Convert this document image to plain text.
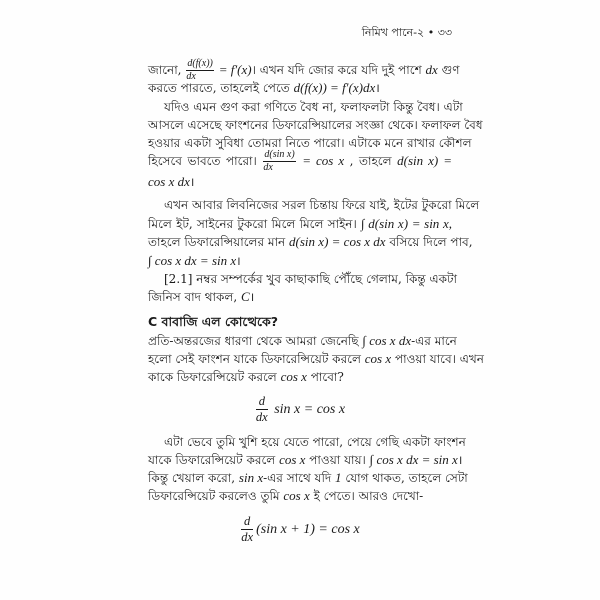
নিমিখ পানে-২ • ৩৩
জানো, $\frac{d(f(x))}{dx}$ = f′(x)। এখন যদি জোর করে যদি দুই পাশে dx গুণ
করতে পারতে, তাহলেই পেতে d(f(x)) = f′(x)dx।
যদিও এমন গুণ করা গণিতে বৈধ না, ফলাফলটা কিন্তু বৈধ। এটা
আসলে এসেছে ফাংশনের ডিফারেন্সিয়ালের সংজ্ঞা থেকে। ফলাফল বৈধ
হওয়ার একটা সুবিধা তোমরা নিতে পারো। এটাকে মনে রাখার কৌশল
হিসেবে ভাবতে পারো। $\frac{\text{d(sin x)}}{dx} = \cos x$ , তাহলে d(sin x) =
cos x dx।
এখন আবার লিবনিজের সরল চিন্তায় ফিরে যাই, ইটের টুকরো মিলে
মিলে ইট, সাইনের টুকরো মিলে মিলে সাইন। ∫ d(sin x) = sin x,
তাহলে ডিফারেন্সিয়ালের মান d(sin x) = cos x dx বসিয়ে দিলে পাব,
∫ cos x dx = sin x।
[2.1] নম্বর সম্পর্কের খুব কাছাকাছি পৌঁছে গেলাম, কিন্তু একটা
জিনিস বাদ থাকল, C।
C বাবাজি এল কোত্থেকে?
প্রতি-অন্তরজের ধারণা থেকে আমরা জেনেছি ∫ cos x dx-এর মানে
হলো সেই ফাংশন যাকে ডিফারেন্সিয়েট করলে cos x পাওয়া যাবে। এখন
কাকে ডিফারেন্সিয়েট করলে cos x পাবো?
$\frac{d}{dx}$ sin x = cos x
এটা ভেবে তুমি খুশি হয়ে যেতে পারো, পেয়ে গেছি একটা ফাংশন
যাকে ডিফারেন্সিয়েট করলে cos x পাওয়া যায়। ∫ cos x dx = sin x।
কিন্তু খেয়াল করো, sin x-এর সাথে যদি 1 যোগ থাকত, তাহলে সেটা
ডিফারেন্সিয়েট করলেও তুমি cos x ই পেতে। আরও দেখো-
$\frac{d}{dx} (\sin$ x + 1) = cos x
